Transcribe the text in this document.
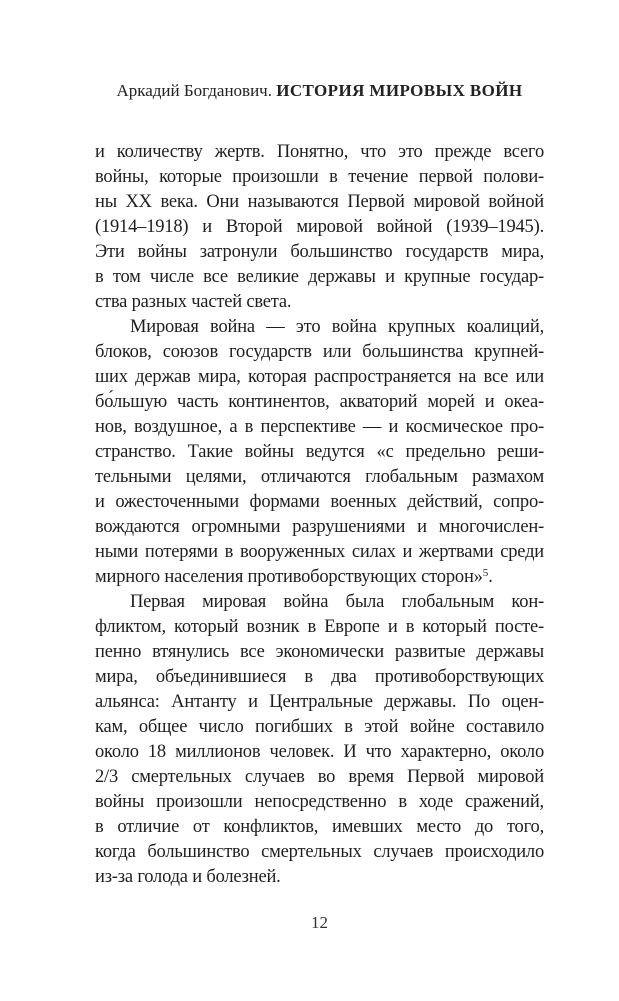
Аркадий Богданович. ИСТОРИЯ МИРОВЫХ ВОЙН
и количеству жертв. Понятно, что это прежде всего
войны, которые произошли в течение первой полови-
ны XX века. Они называются Первой мировой войной
(1914–1918) и Второй мировой войной (1939–1945).
Эти войны затронули большинство государств мира,
в том числе все великие державы и крупные государ-
ства разных частей света.
Мировая война — это война крупных коалиций,
блоков, союзов государств или большинства крупней-
ших держав мира, которая распространяется на все или
бо́льшую часть континентов, акваторий морей и океа-
нов, воздушное, а в перспективе — и космическое про-
странство. Такие войны ведутся «с предельно реши-
тельными целями, отличаются глобальным размахом
и ожесточенными формами военных действий, сопро-
вождаются огромными разрушениями и многочислен-
ными потерями в вооруженных силах и жертвами среди
мирного населения противоборствующих сторон»$^5$.
Первая мировая война была глобальным кон-
фликтом, который возник в Европе и в который посте-
пенно втянулись все экономически развитые державы
мира, объединившиеся в два противоборствующих
альянса: Антанту и Центральные державы. По оцен-
кам, общее число погибших в этой войне составило
около 18 миллионов человек. И что характерно, около
2/3 смертельных случаев во время Первой мировой
войны произошли непосредственно в ходе сражений,
в отличие от конфликтов, имевших место до того,
когда большинство смертельных случаев происходило
из-за голода и болезней.
12
